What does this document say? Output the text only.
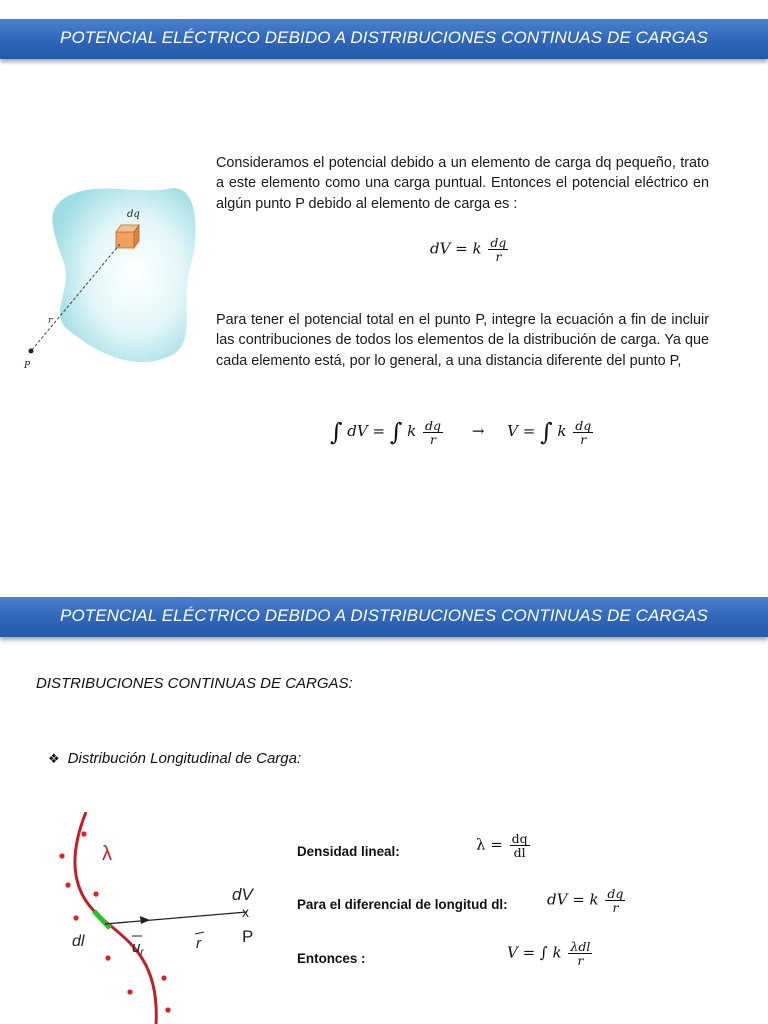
POTENCIAL ELÉCTRICO DEBIDO A DISTRIBUCIONES CONTINUAS DE CARGAS
dq
r
P
Consideramos el potencial debido a un elemento de carga dq pequeño, trato a este elemento como una carga puntual. Entonces el potencial eléctrico en algún punto P debido al elemento de carga es :
dV = k $\frac{dq}{r}$
Para tener el potencial total en el punto P, integre la ecuación a fin de incluir las contribuciones de todos los elementos de la distribución de carga. Ya que cada elemento está, por lo general, a una distancia diferente del punto P,
∫ dV = ∫ k $\frac{dq}{r} \to V$ = ∫ k $\frac{dq}{r}$
POTENCIAL ELÉCTRICO DEBIDO A DISTRIBUCIONES CONTINUAS DE CARGAS
DISTRIBUCIONES CONTINUAS DE CARGAS:
❖ Distribución Longitudinal de Carga:
λ
x
dV
P
dl	$u_r$
r
Densidad lineal:	$\lambda = \frac{dq}{dl}$
Para el diferencial de longitud dl:	dV = k $\frac{dq}{r}$
Entonces :	V = ∫ k $\frac{\text{λdl}}{r}$
